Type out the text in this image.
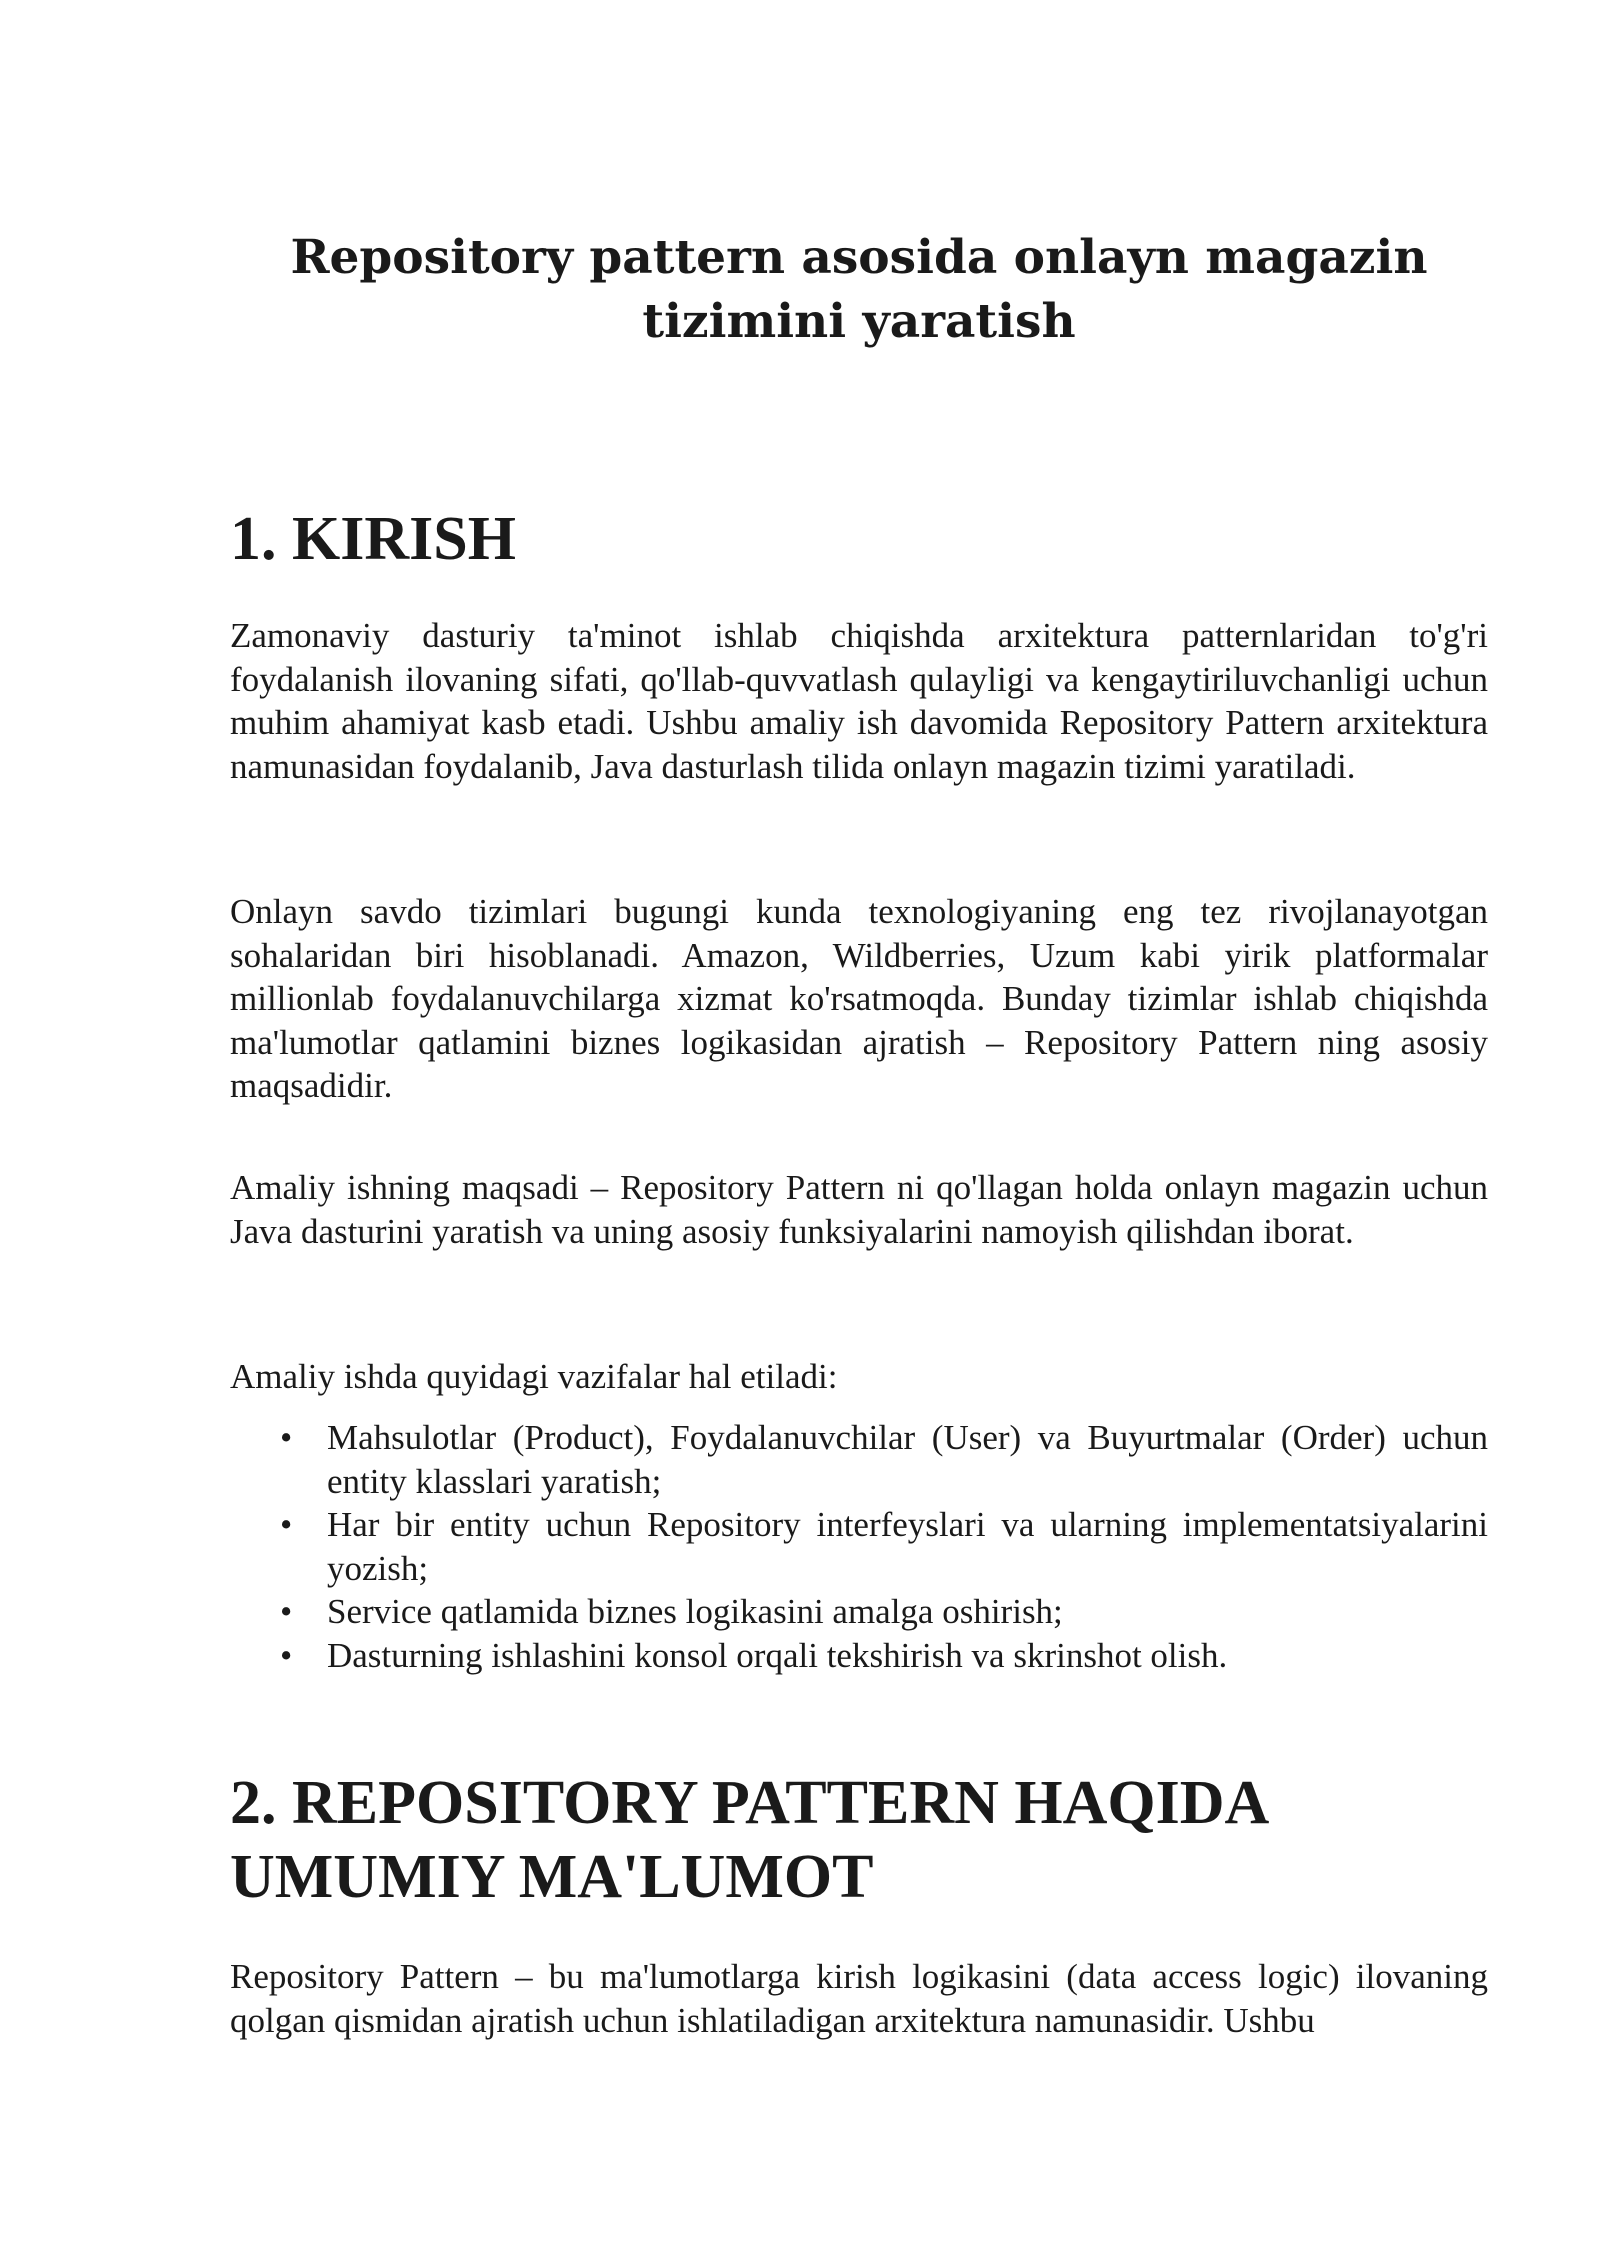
Repository pattern asosida onlayn magazin
tizimini yaratish
1. KIRISH

Zamonaviy dasturiy ta'minot ishlab chiqishda arxitektura patternlaridan to'g'ri foydalanish ilovaning sifati, qo'llab-quvvatlash qulayligi va kengaytiriluvchanligi uchun muhim ahamiyat kasb etadi. Ushbu amaliy ish davomida Repository Pattern arxitektura namunasidan foydalanib, Java dasturlash tilida onlayn magazin tizimi yaratiladi.

Onlayn savdo tizimlari bugungi kunda texnologiyaning eng tez rivojlanayotgan sohalaridan biri hisoblanadi. Amazon, Wildberries, Uzum kabi yirik platformalar millionlab foydalanuvchilarga xizmat ko'rsatmoqda. Bunday tizimlar ishlab chiqishda ma'lumotlar qatlamini biznes logikasidan ajratish – Repository Pattern ning asosiy maqsadidir.

Amaliy ishning maqsadi – Repository Pattern ni qo'llagan holda onlayn magazin uchun Java dasturini yaratish va uning asosiy funksiyalarini namoyish qilishdan iborat.

Amaliy ishda quyidagi vazifalar hal etiladi:

• Mahsulotlar (Product), Foydalanuvchilar (User) va Buyurtmalar (Order) uchun entity klasslari yaratish;
• Har bir entity uchun Repository interfeyslari va ularning implementatsiyalarini yozish;
• Service qatlamida biznes logikasini amalga oshirish;
• Dasturning ishlashini konsol orqali tekshirish va skrinshot olish.
2. REPOSITORY PATTERN HAQIDA
UMUMIY MA'LUMOT

Repository Pattern – bu ma'lumotlarga kirish logikasini (data access logic) ilovaning qolgan qismidan ajratish uchun ishlatiladigan arxitektura namunasidir. Ushbu
